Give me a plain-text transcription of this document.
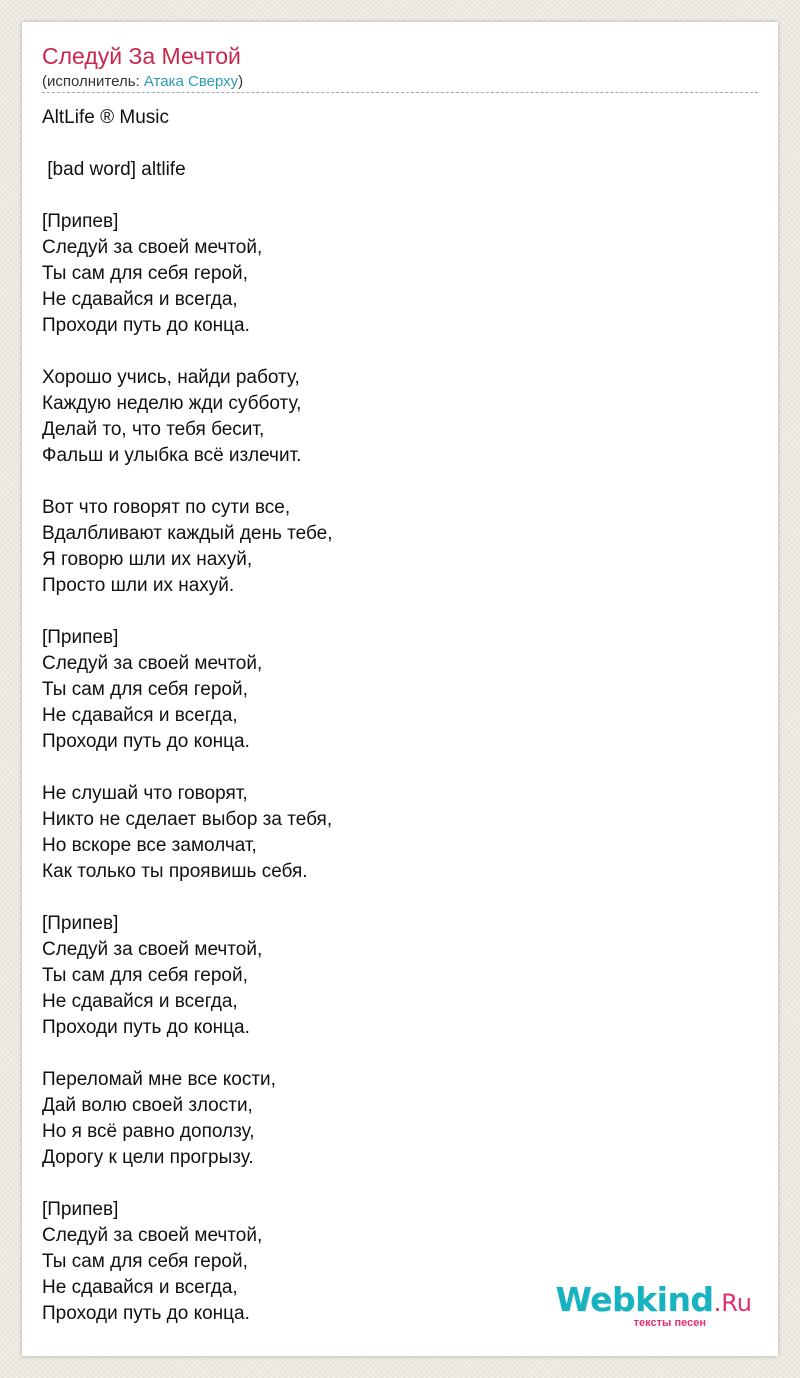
Следуй За Мечтой
(исполнитель: Атака Сверху)
AltLife ® Music
[bad word] altlife
[Припев]
Следуй за своей мечтой,
Ты сам для себя герой,
Не сдавайся и всегда,
Проходи путь до конца.
Хорошо учись, найди работу,
Каждую неделю жди субботу,
Делай то, что тебя бесит,
Фальш и улыбка всё излечит.
Вот что говорят по сути все,
Вдалбливают каждый день тебе,
Я говорю шли их нахуй,
Просто шли их нахуй.
[Припев]
Следуй за своей мечтой,
Ты сам для себя герой,
Не сдавайся и всегда,
Проходи путь до конца.
Не слушай что говорят,
Никто не сделает выбор за тебя,
Но вскоре все замолчат,
Как только ты проявишь себя.
[Припев]
Следуй за своей мечтой,
Ты сам для себя герой,
Не сдавайся и всегда,
Проходи путь до конца.
Переломай мне все кости,
Дай волю своей злости,
Но я всё равно доползу,
Дорогу к цели прогрызу.
[Припев]
Следуй за своей мечтой,
Ты сам для себя герой,
Не сдавайся и всегда,
Проходи путь до конца.	Webkind.Ru
тексты песен
